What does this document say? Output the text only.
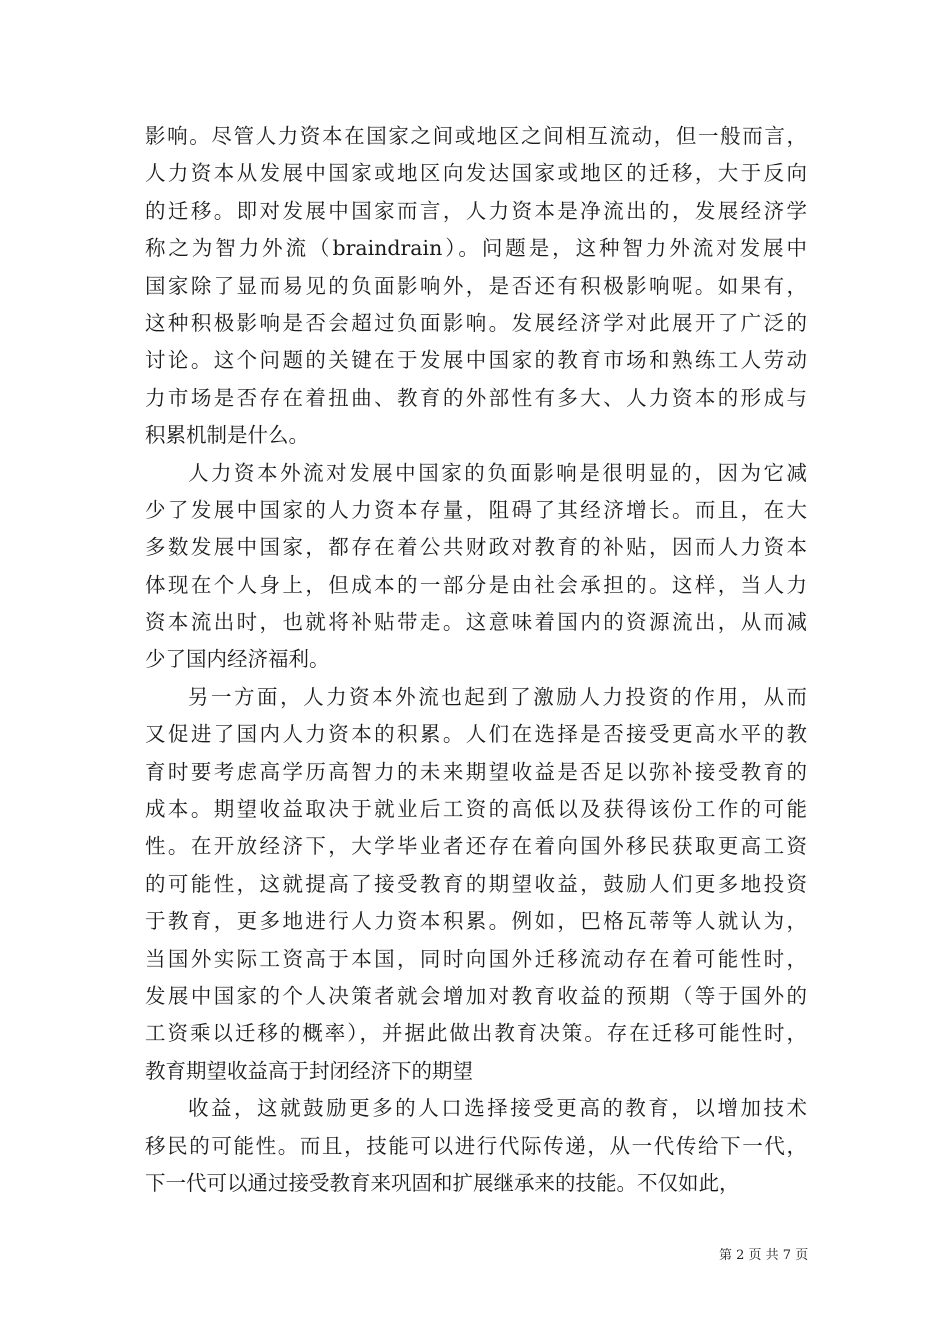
影响。尽管人力资本在国家之间或地区之间相互流动，但一般而言，
人力资本从发展中国家或地区向发达国家或地区的迁移，大于反向
的迁移。即对发展中国家而言，人力资本是净流出的，发展经济学
称之为智力外流（braindrain）。问题是，这种智力外流对发展中
国家除了显而易见的负面影响外，是否还有积极影响呢。如果有，
这种积极影响是否会超过负面影响。发展经济学对此展开了广泛的
讨论。这个问题的关键在于发展中国家的教育市场和熟练工人劳动
力市场是否存在着扭曲、教育的外部性有多大、人力资本的形成与
积累机制是什么。
人力资本外流对发展中国家的负面影响是很明显的，因为它减
少了发展中国家的人力资本存量，阻碍了其经济增长。而且，在大
多数发展中国家，都存在着公共财政对教育的补贴，因而人力资本
体现在个人身上，但成本的一部分是由社会承担的。这样，当人力
资本流出时，也就将补贴带走。这意味着国内的资源流出，从而减
少了国内经济福利。
另一方面，人力资本外流也起到了激励人力投资的作用，从而
又促进了国内人力资本的积累。人们在选择是否接受更高水平的教
育时要考虑高学历高智力的未来期望收益是否足以弥补接受教育的
成本。期望收益取决于就业后工资的高低以及获得该份工作的可能
性。在开放经济下，大学毕业者还存在着向国外移民获取更高工资
的可能性，这就提高了接受教育的期望收益，鼓励人们更多地投资
于教育，更多地进行人力资本积累。例如，巴格瓦蒂等人就认为，
当国外实际工资高于本国，同时向国外迁移流动存在着可能性时，
发展中国家的个人决策者就会增加对教育收益的预期（等于国外的
工资乘以迁移的概率），并据此做出教育决策。存在迁移可能性时，
教育期望收益高于封闭经济下的期望
收益，这就鼓励更多的人口选择接受更高的教育，以增加技术
移民的可能性。而且，技能可以进行代际传递，从一代传给下一代，
下一代可以通过接受教育来巩固和扩展继承来的技能。不仅如此，
第 2 页 共 7 页
